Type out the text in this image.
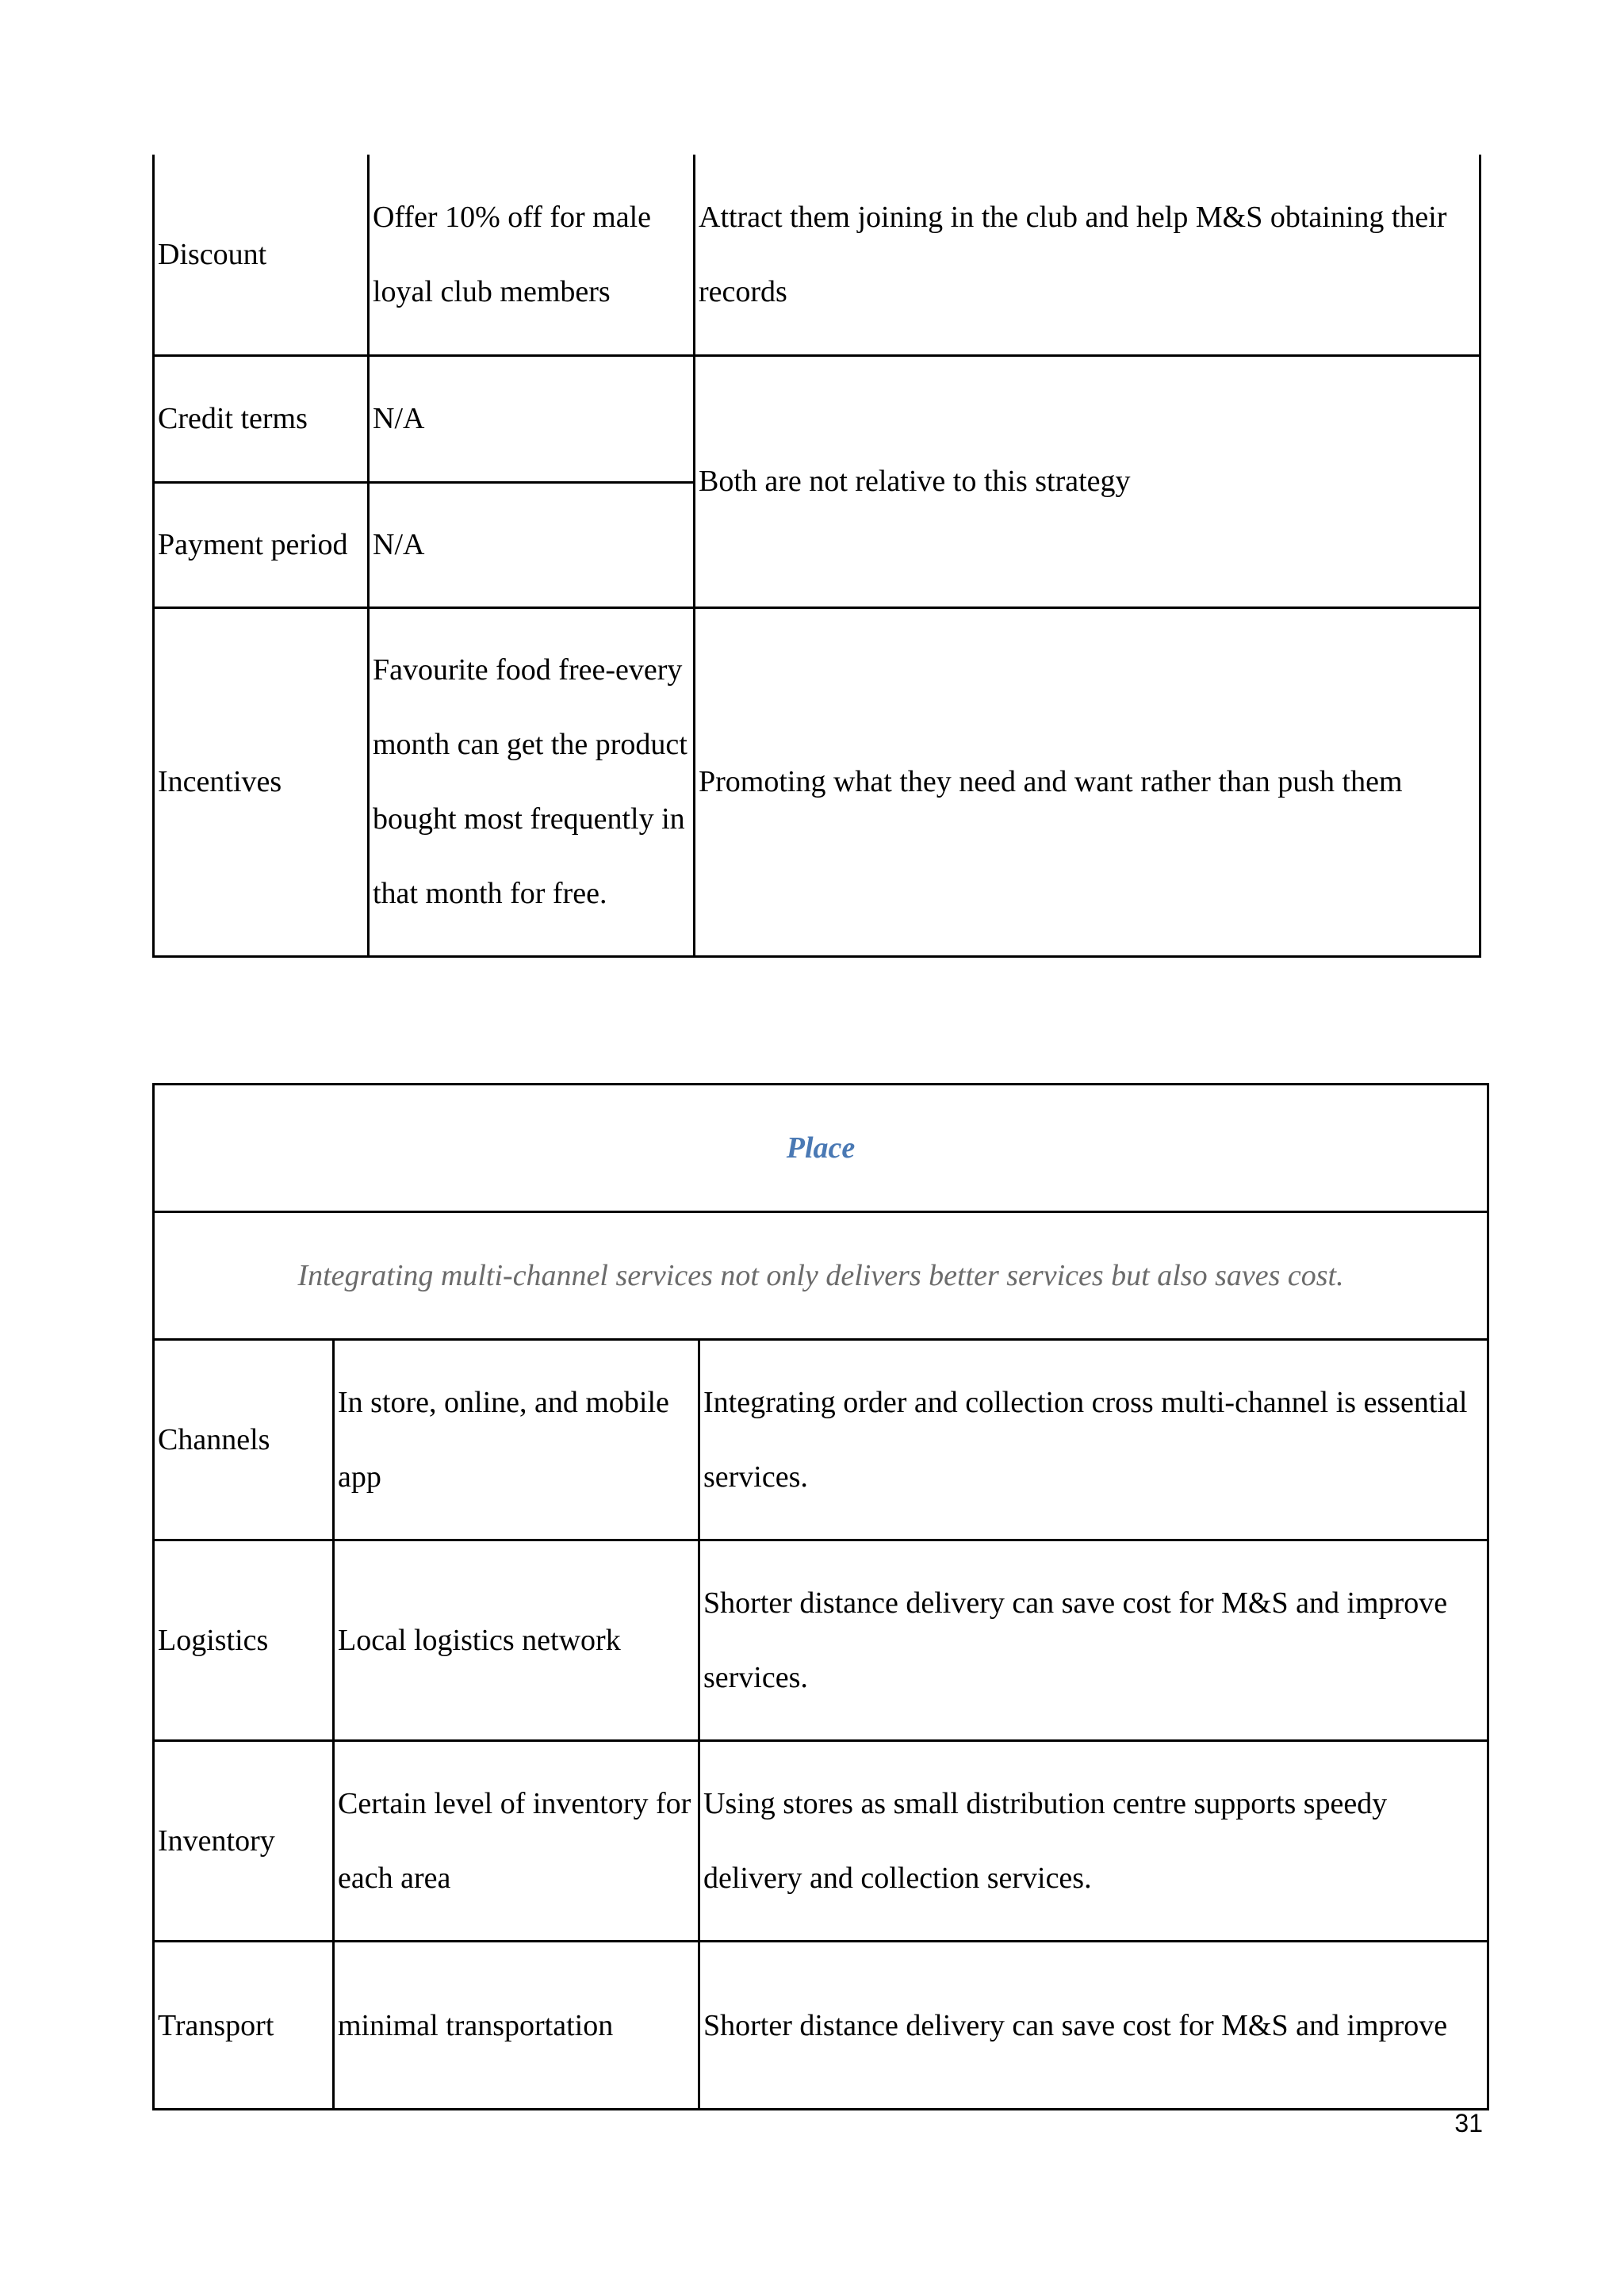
Discount	Offer 10% off for male loyal club members	Attract them joining in the club and help M&S obtaining their records
Credit terms	N/A	Both are not relative to this strategy
Payment period	N/A	
Incentives	Favourite food free-every month can get the product bought most frequently in that month for free.	Promoting what they need and want rather than push them
Place		
Integrating multi-channel services not only delivers better services but also saves cost.		
Channels	In store, online, and mobile app	Integrating order and collection cross multi-channel is essential services.
Logistics	Local logistics network	Shorter distance delivery can save cost for M&S and improve services.
Inventory	Certain level of inventory for each area	Using stores as small distribution centre supports speedy delivery and collection services.
Transport	minimal transportation	Shorter distance delivery can save cost for M&S and improve
31
